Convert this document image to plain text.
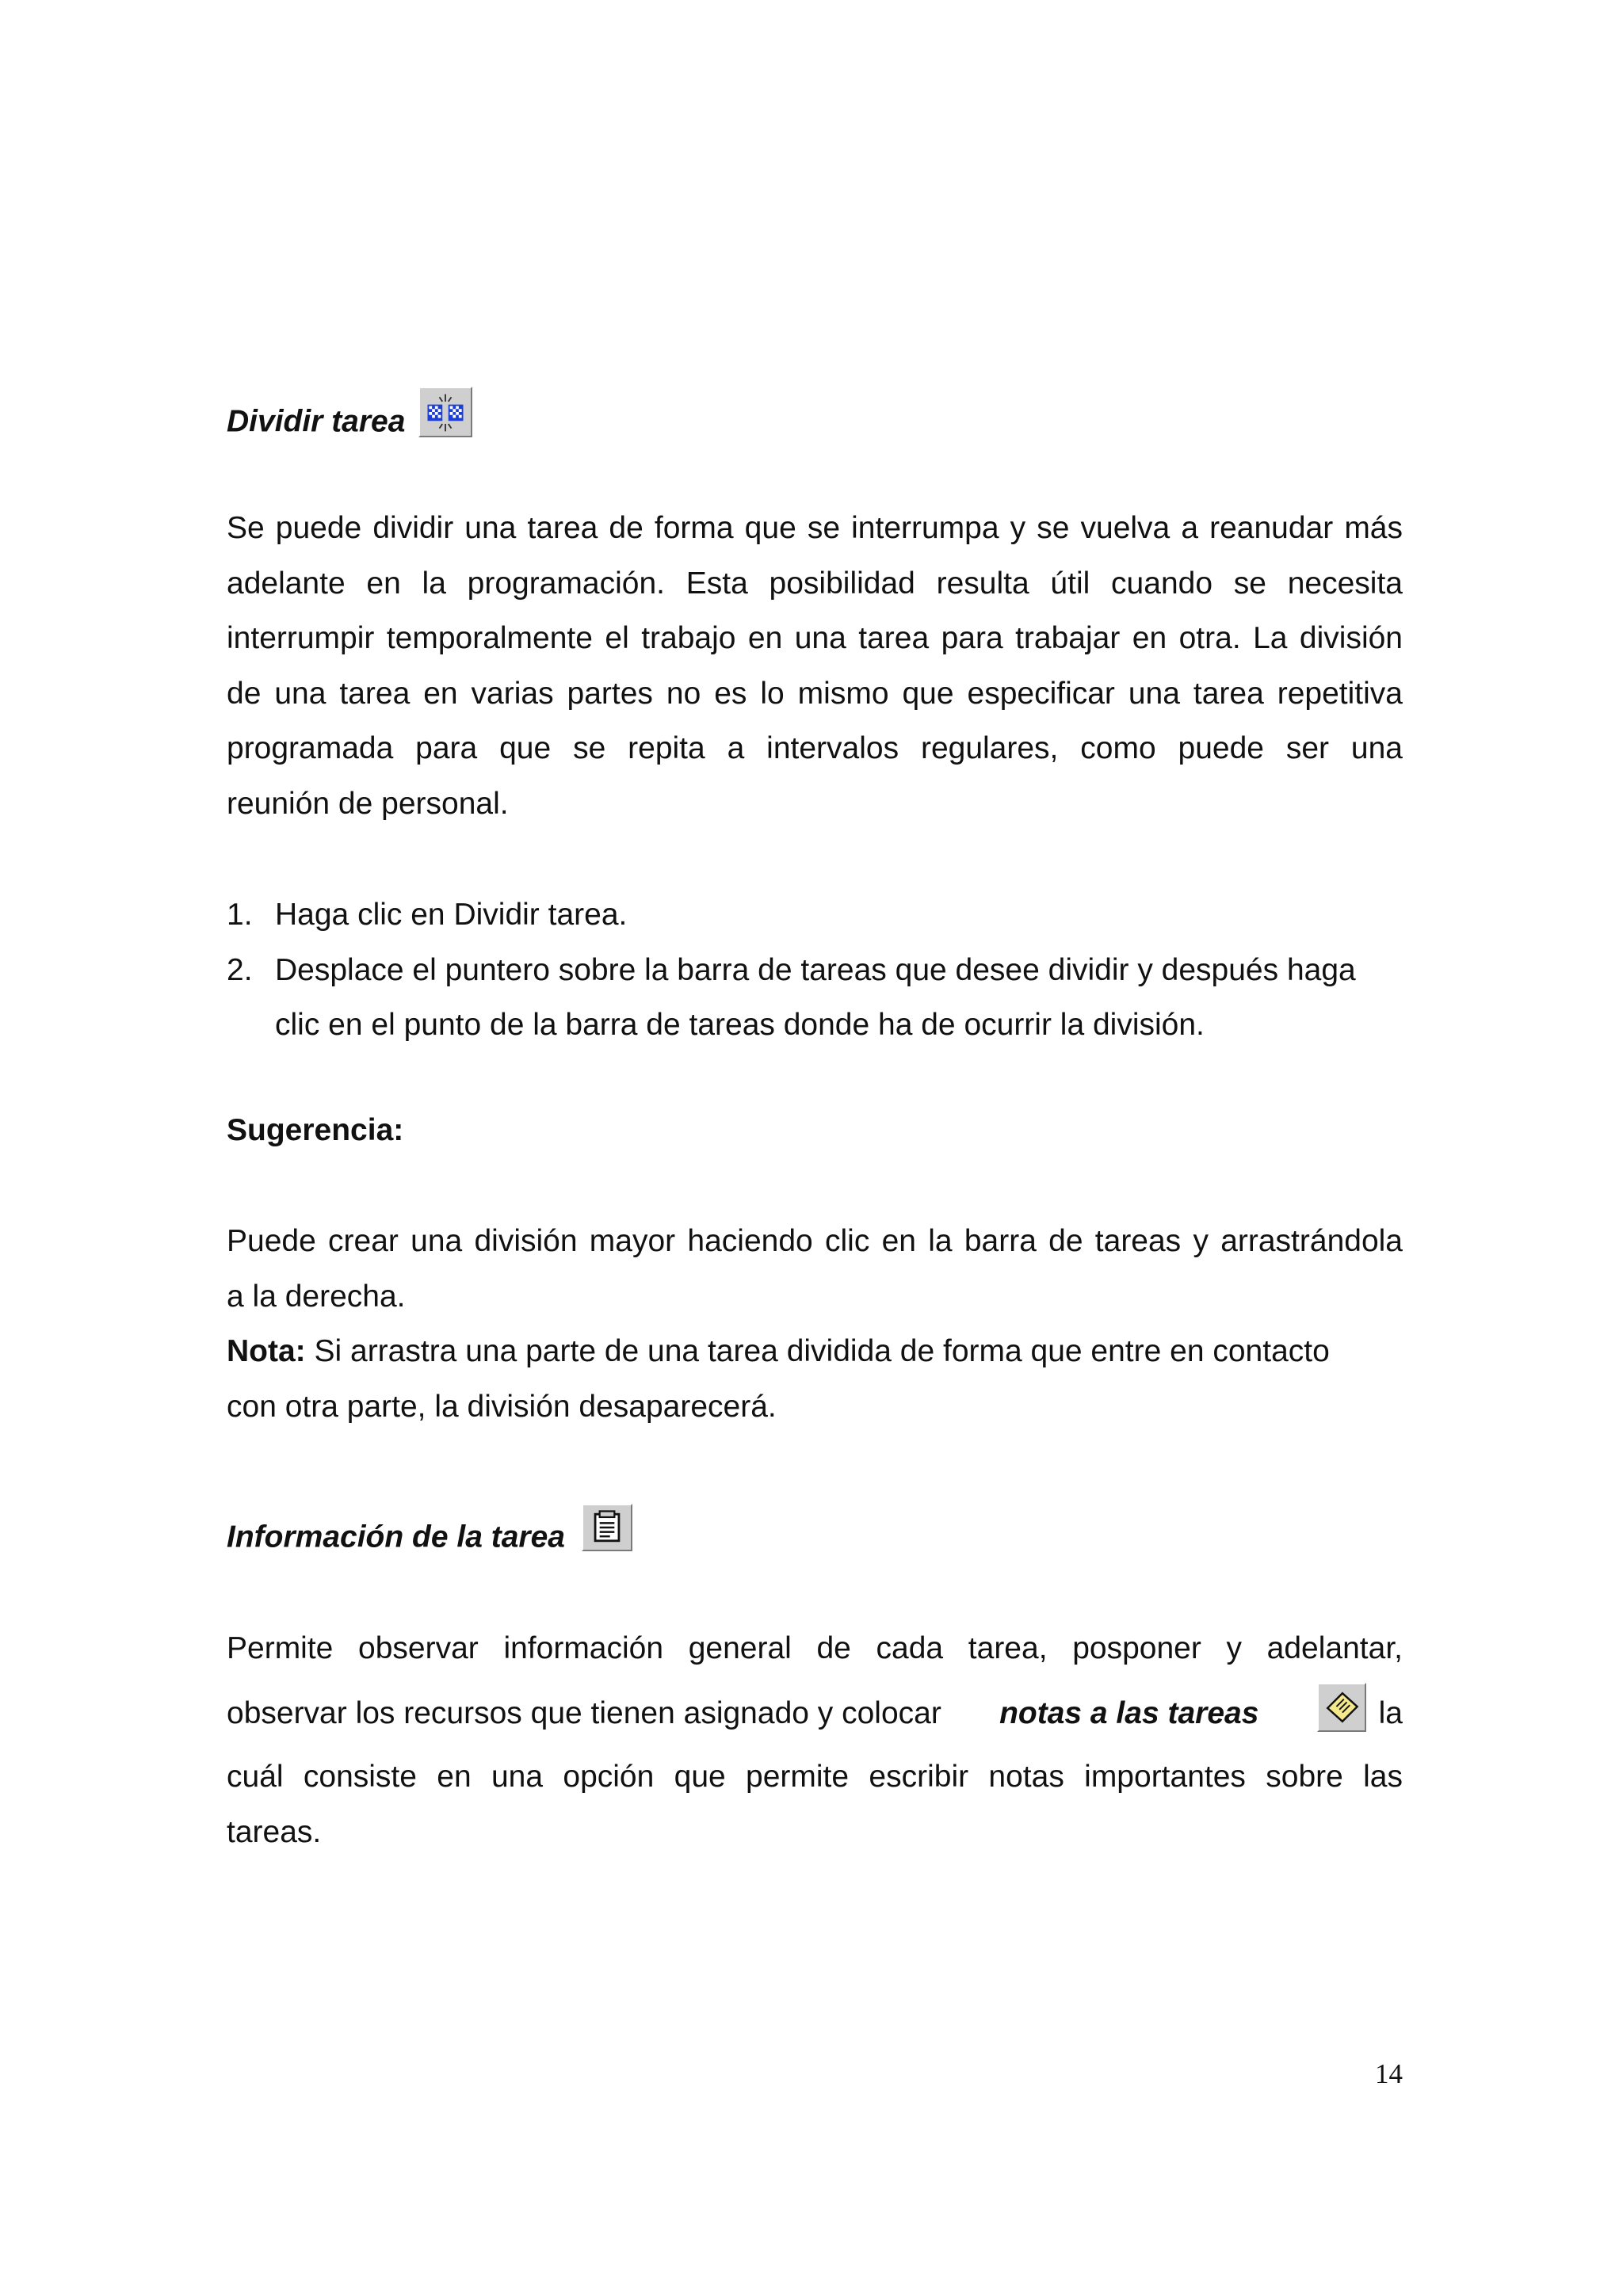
Dividir tarea
Se puede dividir una tarea de forma que se interrumpa y se vuelva a reanudar más
adelante en la programación. Esta posibilidad resulta útil cuando se necesita
interrumpir temporalmente el trabajo en una tarea para trabajar en otra. La división
de una tarea en varias partes no es lo mismo que especificar una tarea repetitiva
programada para que se repita a intervalos regulares, como puede ser una
reunión de personal.
1. Haga clic en Dividir tarea.
2. Desplace el puntero sobre la barra de tareas que desee dividir y después haga
clic en el punto de la barra de tareas donde ha de ocurrir la división.
Sugerencia:
Puede crear una división mayor haciendo clic en la barra de tareas y arrastrándola
a la derecha.
Nota: Si arrastra una parte de una tarea dividida de forma que entre en contacto
con otra parte, la división desaparecerá.
Información de la tarea
Permite observar información general de cada tarea, posponer y adelantar,
observar los recursos que tienen asignado y colocar notas a las tareas	la
cuál consiste en una opción que permite escribir notas importantes sobre las
tareas.
14
